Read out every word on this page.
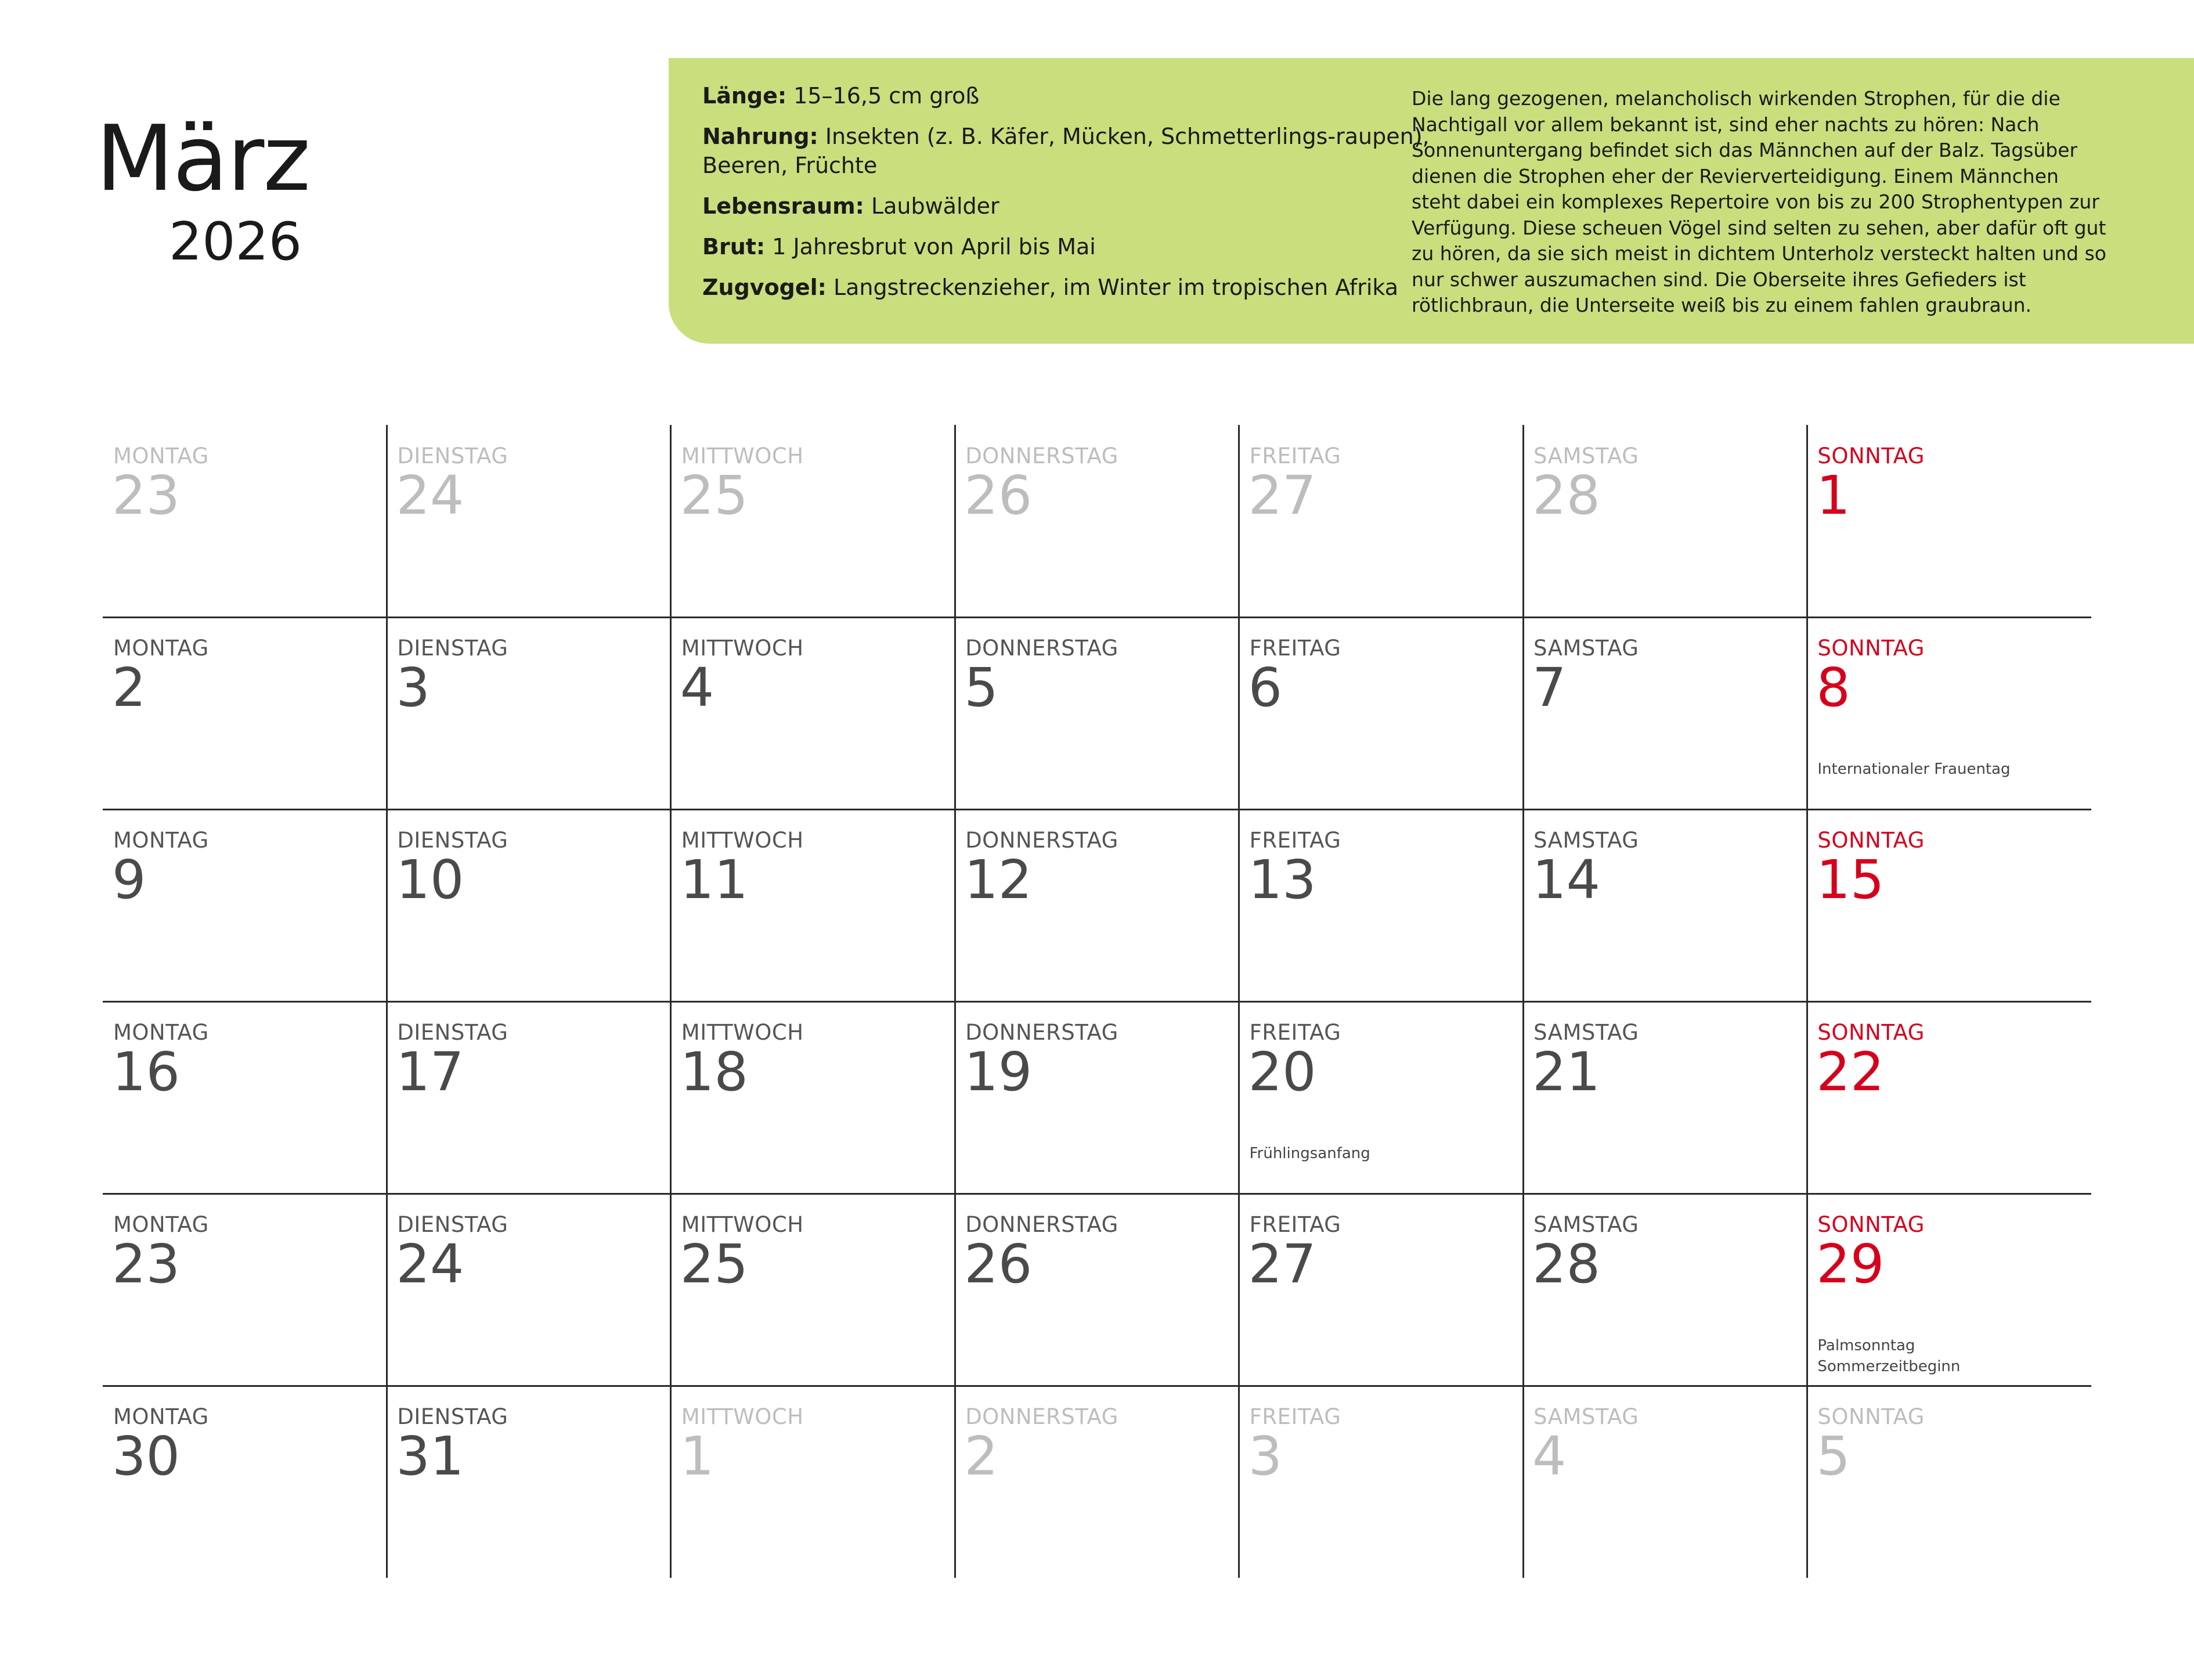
März
2026
Länge: 15–16,5 cm groß
Nahrung: Insekten (z. B. Käfer, Mücken, Schmetterlings-raupen), Beeren, Früchte
Lebensraum: Laubwälder
Brut: 1 Jahresbrut von April bis Mai
Zugvogel: Langstreckenzieher, im Winter im tropischen Afrika
Die lang gezogenen, melancholisch wirkenden Strophen, für die die Nachtigall vor allem bekannt ist, sind eher nachts zu hören: Nach Sonnenuntergang befindet sich das Männchen auf der Balz. Tagsüber dienen die Strophen eher der Revierverteidigung. Einem Männchen steht dabei ein komplexes Repertoire von bis zu 200 Strophentypen zur Verfügung. Diese scheuen Vögel sind selten zu sehen, aber dafür oft gut zu hören, da sie sich meist in dichtem Unterholz versteckt halten und so nur schwer auszumachen sind. Die Oberseite ihres Gefieders ist rötlichbraun, die Unterseite weiß bis zu einem fahlen graubraun.
MONTAG
23
DIENSTAG
24
MITTWOCH
25
DONNERSTAG
26
FREITAG
27
SAMSTAG
28
SONNTAG
1
MONTAG
2
DIENSTAG
3
MITTWOCH
4
DONNERSTAG
5
FREITAG
6
SAMSTAG
7
SONNTAG
8
Internationaler Frauentag
MONTAG
9
DIENSTAG
10
MITTWOCH
11
DONNERSTAG
12
FREITAG
13
SAMSTAG
14
SONNTAG
15
MONTAG
16
DIENSTAG
17
MITTWOCH
18
DONNERSTAG
19
FREITAG
20
Frühlingsanfang
SAMSTAG
21
SONNTAG
22
MONTAG
23
DIENSTAG
24
MITTWOCH
25
DONNERSTAG
26
FREITAG
27
SAMSTAG
28
SONNTAG
29
Palmsonntag
Sommerzeitbeginn
MONTAG
30
DIENSTAG
31
MITTWOCH
1
DONNERSTAG
2
FREITAG
3
SAMSTAG
4
SONNTAG
5
